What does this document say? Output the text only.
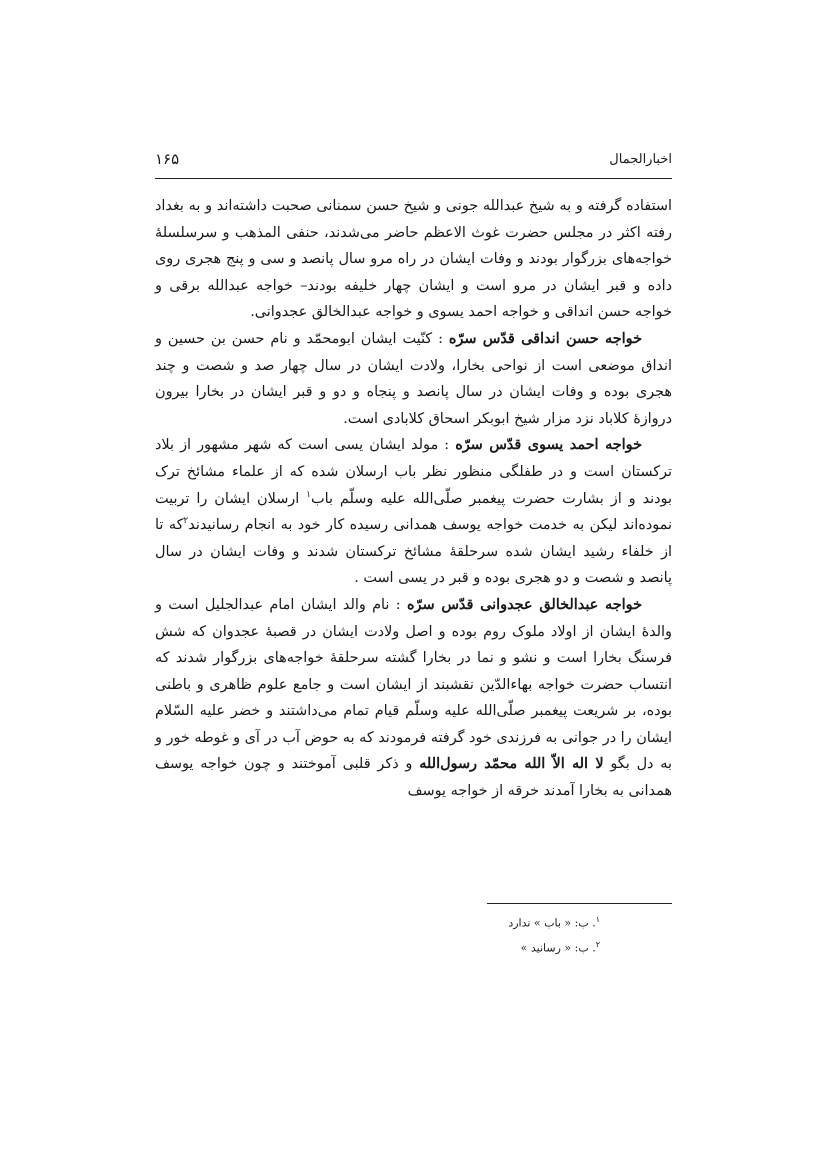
اخبارالجمال
۱۶۵

استفاده گرفته و به شیخ عبدالله جونی و شیخ حسن سمنانی صحبت داشته‌اند و به بغداد رفته اکثر در مجلس حضرت غوث الاعظم حاضر می‌شدند، حنفی المذهب و سرسلسلهٔ خواجه‌های بزرگوار بودند و وفات ایشان در راه مرو سال پانصد و سی و پنج هجری روی داده و قبر ایشان در مرو است و ایشان چهار خلیفه بودند– خواجه عبدالله برقی و خواجه حسن انداقی و خواجه احمد یسوی و خواجه عبدالخالق عجدوانی.

خواجه حسن انداقی قدّس سرّه : کنّیت ایشان ابومحمّد و نام حسن بن حسین و انداق موضعی است از نواحی بخارا، ولادت ایشان در سال چهار صد و شصت و چند هجری بوده و وفات ایشان در سال پانصد و پنجاه و دو و قبر ایشان در بخارا بیرون دروازهٔ کلاباد نزد مزار شیخ ابوبکر اسحاق کلابادی است.

خواجه احمد یسوی قدّس سرّه : مولد ایشان یسی است که شهر مشهور از بلاد ترکستان است و در طفلگی منظور نظر باب ارسلان شده که از علماء مشائخ ترک بودند و از بشارت حضرت پیغمبر صلّی‌الله علیه وسلّم باب$^۱$ ارسلان ایشان را تربیت نموده‌اند لیکن به خدمت خواجه یوسف همدانی رسیده کار خود به انجام رسانیدند$^۲$که تا از خلفاء رشید ایشان شده سرحلقهٔ مشائخ ترکستان شدند و وفات ایشان در سال پانصد و شصت و دو هجری بوده و قبر در یسی است .

خواجه عبدالخالق عجدوانی قدّس سرّه : نام والد ایشان امام عبدالجلیل است و والدهٔ ایشان از اولاد ملوک روم بوده و اصل ولادت ایشان در قصبهٔ عجدوان که شش فرسنگ بخارا است و نشو و نما در بخارا گشته سرحلقهٔ خواجه‌های بزرگوار شدند که انتساب حضرت خواجه بهاءالدّین نقشبند از ایشان است و جامع علوم ظاهری و باطنی بوده، بر شریعت پیغمبر صلّی‌الله علیه وسلّم قیام تمام می‌داشتند و خضر علیه السّلام ایشان را در جوانی به فرزندی خود گرفته فرمودند که به حوض آب در آی و غوطه خور و به دل بگو لا اله الاّ الله محمّد رسول‌الله و ذکر قلبی آموختند و چون خواجه یوسف همدانی به بخارا آمدند خرقه از خواجه یوسف

$^۱$. ب: « باب » ندارد
$^۲$. ب: « رسانید »
